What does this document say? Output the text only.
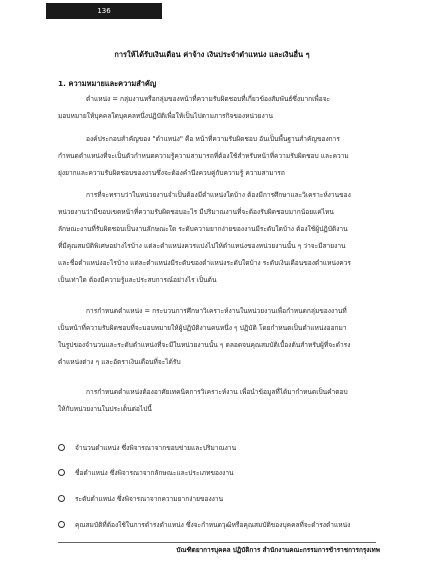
136
การให้ได้รับเงินเดือน ค่าจ้าง เงินประจำตำแหน่ง และเงินอื่น ๆ
1. ความหมายและความสำคัญ
ตำแหน่ง = กลุ่มงานหรือกลุ่มของหน้าที่ความรับผิดชอบที่เกี่ยวข้องสัมพันธ์ซึ่งมากเพื่อจะ
มอบหมายให้บุคคลใดบุคคลหนึ่งปฏิบัติเพื่อให้เป็นไปตามภารกิจของหน่วยงาน
องค์ประกอบสำคัญของ "ตำแหน่ง" คือ หน้าที่ความรับผิดชอบ อันเป็นพื้นฐานสำคัญของการ
กำหนดตำแหน่งที่จะเป็นตัวกำหนดความรู้ความสามารถที่ต้องใช้สำหรับหน้าที่ความรับผิดชอบ และความ
ยุ่งยากและความรับผิดชอบของงานซึ่งจะต้องคำนึงควบคู่กับความรู้ ความสามารถ
การที่จะทราบว่าในหน่วยงานจำเป็นต้องมีตำแหน่งใดบ้าง ต้องมีการศึกษาและวิเคราะห์งานของ
หน่วยงานว่ามีขอบเขตหน้าที่ความรับผิดชอบอะไร มีปริมาณงานที่จะต้องรับผิดชอบมากน้อยแค่ไหน
ลักษณะงานที่รับผิดชอบเป็นงานลักษณะใด ระดับความยากง่ายของงานมีระดับใดบ้าง ต้องใช้ผู้ปฏิบัติงาน
ที่มีคุณสมบัติพิเศษอย่างไรบ้าง แต่ละตำแหน่งควรแบ่งไปให้ตำแหน่งของหน่วยงานนั้น ๆ ว่าจะมีสายงาน
และชื่อตำแหน่งอะไรบ้าง แต่ละตำแหน่งมีระดับของตำแหน่งระดับใดบ้าง ระดับเงินเดือนของตำแหน่งควร
เป็นเท่าใด ต้องมีความรู้และประสบการณ์อย่างไร เป็นต้น
การกำหนดตำแหน่ง = กระบวนการศึกษาวิเคราะห์งานในหน่วยงานเพื่อกำหนดกลุ่มของงานที่
เป็นหน้าที่ความรับผิดชอบที่จะมอบหมายให้ผู้ปฏิบัติงานคนหนึ่ง ๆ ปฏิบัติ โดยกำหนดเป็นตำแหน่งออกมา
ในรูปของจำนวนและระดับตำแหน่งที่จะมีในหน่วยงานนั้น ๆ ตลอดจนคุณสมบัติเบื้องต้นสำหรับผู้ที่จะดำรง
ตำแหน่งต่าง ๆ และอัตราเงินเดือนที่จะได้รับ
การกำหนดตำแหน่งต้องอาศัยเทคนิคการวิเคราะห์งาน เพื่อนำข้อมูลที่ได้มากำหนดเป็นคำตอบ
ให้กับหน่วยงานในประเด็นต่อไปนี้
จำนวนตำแหน่ง ซึ่งพิจารณาจากขอบข่ายและปริมาณงาน
ชื่อตำแหน่ง ซึ่งพิจารณาจากลักษณะและประเภทของงาน
ระดับตำแหน่ง ซึ่งพิจารณาจากความยากง่ายของงาน
คุณสมบัติที่ต้องใช้ในการดำรงตำแหน่ง ซึ่งจะกำหนดวุฒิหรือคุณสมบัติของบุคคลที่จะดำรงตำแหน่ง
บัณฑิตยาการบุคคล ปฏิบัติการ สำนักงานคณะกรรมการข้าราชการกรุงเทพ
